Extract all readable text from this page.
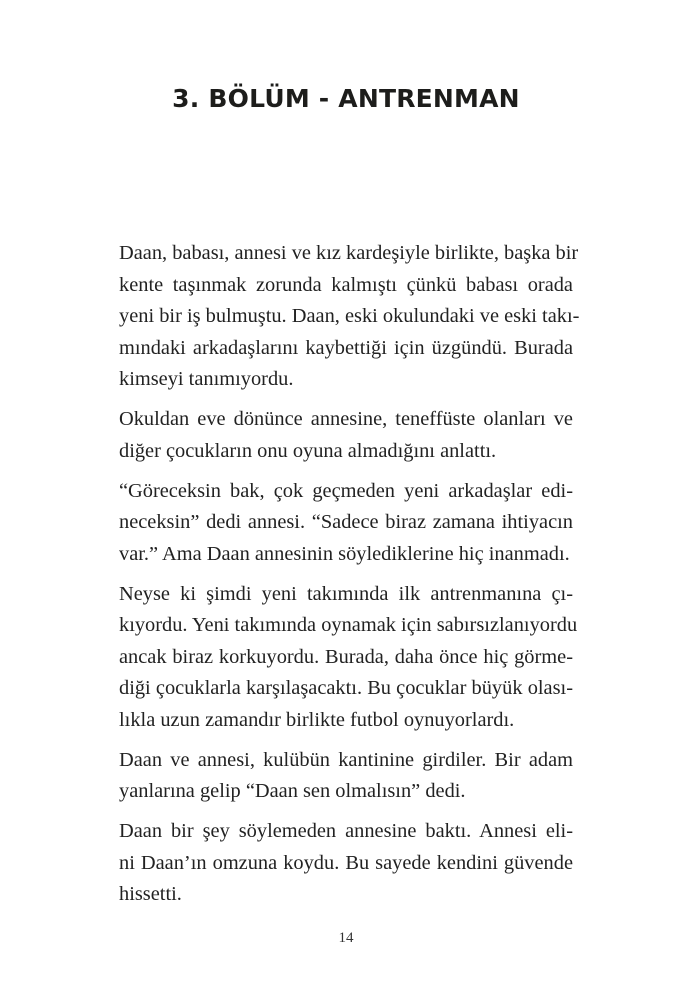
3. BÖLÜM - ANTRENMAN
Daan, babası, annesi ve kız kardeşiyle birlikte, başka bir
kente taşınmak zorunda kalmıştı çünkü babası orada
yeni bir iş bulmuştu. Daan, eski okulundaki ve eski takı-
mındaki arkadaşlarını kaybettiği için üzgündü. Burada
kimseyi tanımıyordu.
Okuldan eve dönünce annesine, teneffüste olanları ve
diğer çocukların onu oyuna almadığını anlattı.
“Göreceksin bak, çok geçmeden yeni arkadaşlar edi-
neceksin” dedi annesi. “Sadece biraz zamana ihtiyacın
var.” Ama Daan annesinin söylediklerine hiç inanmadı.
Neyse ki şimdi yeni takımında ilk antrenmanına çı-
kıyordu. Yeni takımında oynamak için sabırsızlanıyordu
ancak biraz korkuyordu. Burada, daha önce hiç görme-
diği çocuklarla karşılaşacaktı. Bu çocuklar büyük olası-
lıkla uzun zamandır birlikte futbol oynuyorlardı.
Daan ve annesi, kulübün kantinine girdiler. Bir adam
yanlarına gelip “Daan sen olmalısın” dedi.
Daan bir şey söylemeden annesine baktı. Annesi eli-
ni Daan’ın omzuna koydu. Bu sayede kendini güvende
hissetti.
14
